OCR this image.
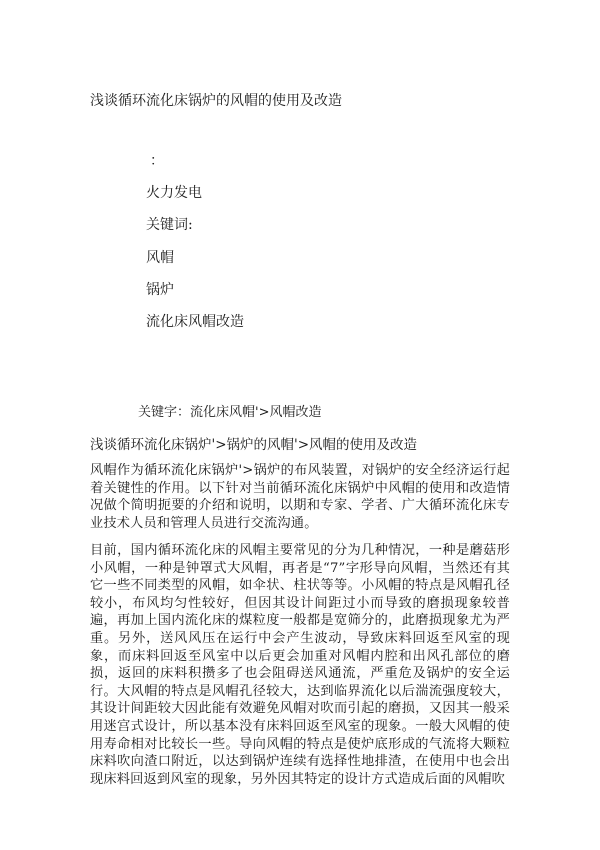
浅谈循环流化床锅炉的风帽的使用及改造
：
火力发电
关键词:
风帽
锅炉
流化床风帽改造
关键字：流化床风帽'>风帽改造
浅谈循环流化床锅炉'>锅炉的风帽'>风帽的使用及改造
风帽作为循环流化床锅炉'>锅炉的布风装置，对锅炉的安全经济运行起着关键性的作用。以下针对当前循环流化床锅炉中风帽的使用和改造情况做个简明扼要的介绍和说明，以期和专家、学者、广大循环流化床专业技术人员和管理人员进行交流沟通。
目前，国内循环流化床的风帽主要常见的分为几种情况，一种是蘑菇形小风帽，一种是钟罩式大风帽，再者是“7”字形导向风帽，当然还有其它一些不同类型的风帽，如伞状、柱状等等。小风帽的特点是风帽孔径较小，布风均匀性较好，但因其设计间距过小而导致的磨损现象较普遍，再加上国内流化床的煤粒度一般都是宽筛分的，此磨损现象尤为严重。另外，送风风压在运行中会产生波动，导致床料回返至风室的现象，而床料回返至风室中以后更会加重对风帽内腔和出风孔部位的磨损，返回的床料积攒多了也会阻碍送风通流，严重危及锅炉的安全运行。大风帽的特点是风帽孔径较大，达到临界流化以后湍流强度较大，其设计间距较大因此能有效避免风帽对吹而引起的磨损，又因其一般采用迷宫式设计，所以基本没有床料回返至风室的现象。一般大风帽的使用寿命相对比较长一些。导向风帽的特点是使炉底形成的气流将大颗粒床料吹向渣口附近，以达到锅炉连续有选择性地排渣，在使用中也会出现床料回返到风室的现象，另外因其特定的设计方式造成后面的风帽吹
